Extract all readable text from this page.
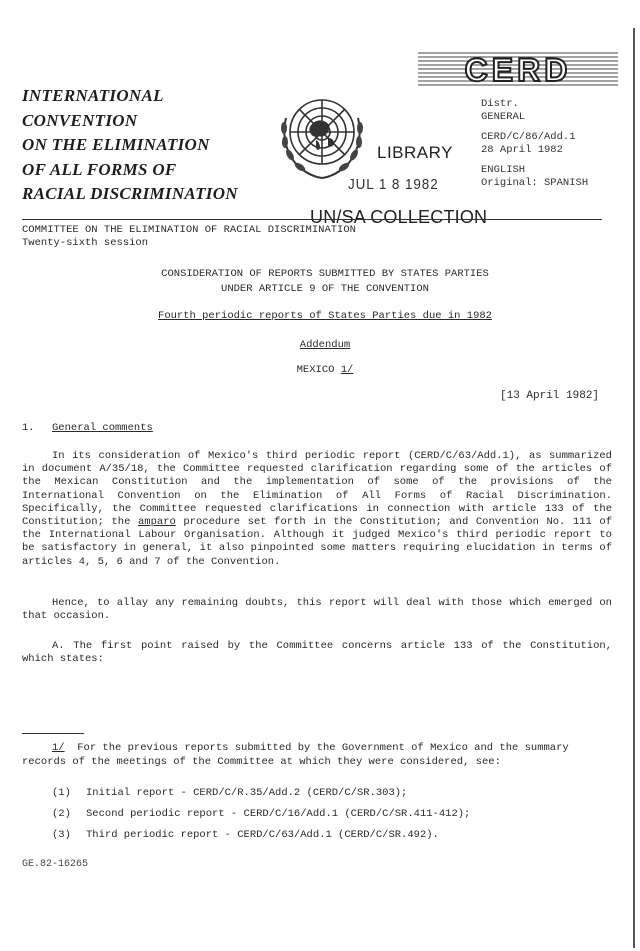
INTERNATIONAL
CONVENTION
ON THE ELIMINATION
OF ALL FORMS OF
RACIAL DISCRIMINATION
LIBRARY
JUL 1 8 1982
UN/SA COLLECTION
CERD
Distr.
GENERAL
CERD/C/86/Add.1
28 April 1982
ENGLISH
Original: SPANISH
COMMITTEE ON THE ELIMINATION OF RACIAL DISCRIMINATION
Twenty-sixth session
CONSIDERATION OF REPORTS SUBMITTED BY STATES PARTIES
UNDER ARTICLE 9 OF THE CONVENTION
Fourth periodic reports of States Parties due in 1982
Addendum
MEXICO 1/
[13 April 1982]
1. General comments

In its consideration of Mexico's third periodic report (CERD/C/63/Add.1), as summarized in document A/35/18, the Committee requested clarification regarding some of the articles of the Mexican Constitution and the implementation of some of the provisions of the International Convention on the Elimination of All Forms of Racial Discrimination. Specifically, the Committee requested clarifications in connection with article 133 of the Constitution; the amparo procedure set forth in the Constitution; and Convention No. 111 of the International Labour Organisation. Although it judged Mexico's third periodic report to be satisfactory in general, it also pinpointed some matters requiring elucidation in terms of articles 4, 5, 6 and 7 of the Convention.

Hence, to allay any remaining doubts, this report will deal with those which emerged on that occasion.

A. The first point raised by the Committee concerns article 133 of the Constitution, which states:

1/ For the previous reports submitted by the Government of Mexico and the summary records of the meetings of the Committee at which they were considered, see:

(1) Initial report - CERD/C/R.35/Add.2 (CERD/C/SR.303);
(2) Second periodic report - CERD/C/16/Add.1 (CERD/C/SR.411-412);
(3) Third periodic report - CERD/C/63/Add.1 (CERD/C/SR.492).
GE.82-16265
